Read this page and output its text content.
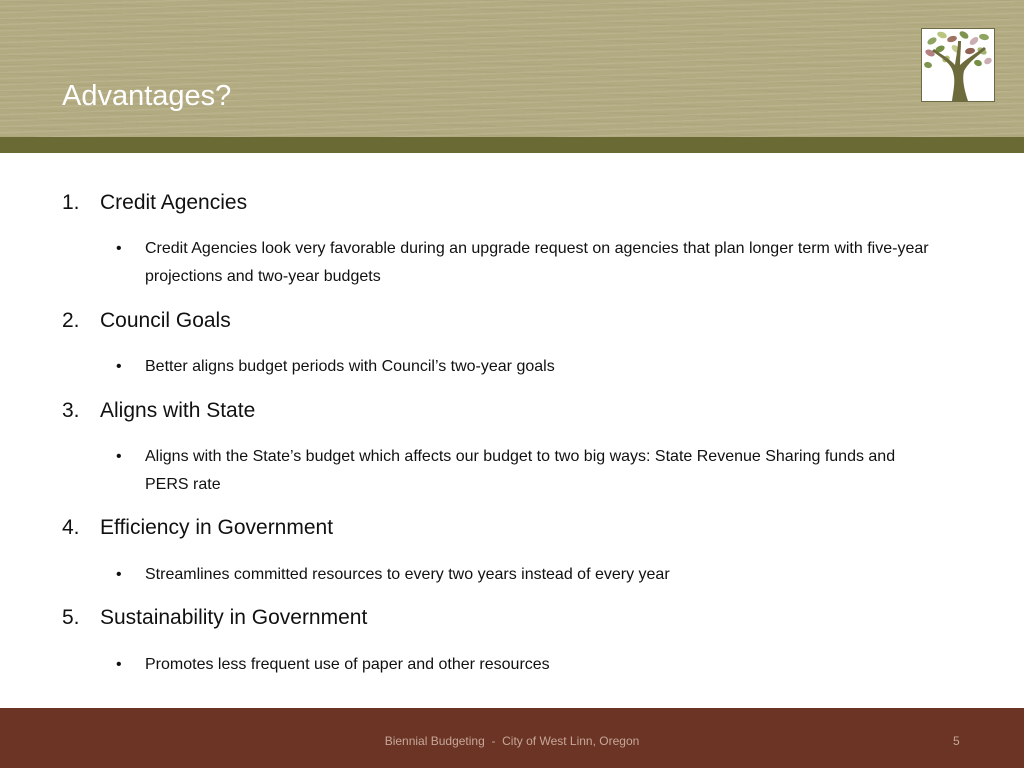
Advantages?
1. Credit Agencies
• Credit Agencies look very favorable during an upgrade request on agencies that plan longer term with five-year projections and two-year budgets
2. Council Goals
• Better aligns budget periods with Council’s two-year goals
3. Aligns with State
• Aligns with the State’s budget which affects our budget to two big ways: State Revenue Sharing funds and PERS rate
4. Efficiency in Government
• Streamlines committed resources to every two years instead of every year
5. Sustainability in Government
• Promotes less frequent use of paper and other resources
Biennial Budgeting  -  City of West Linn, Oregon	5
